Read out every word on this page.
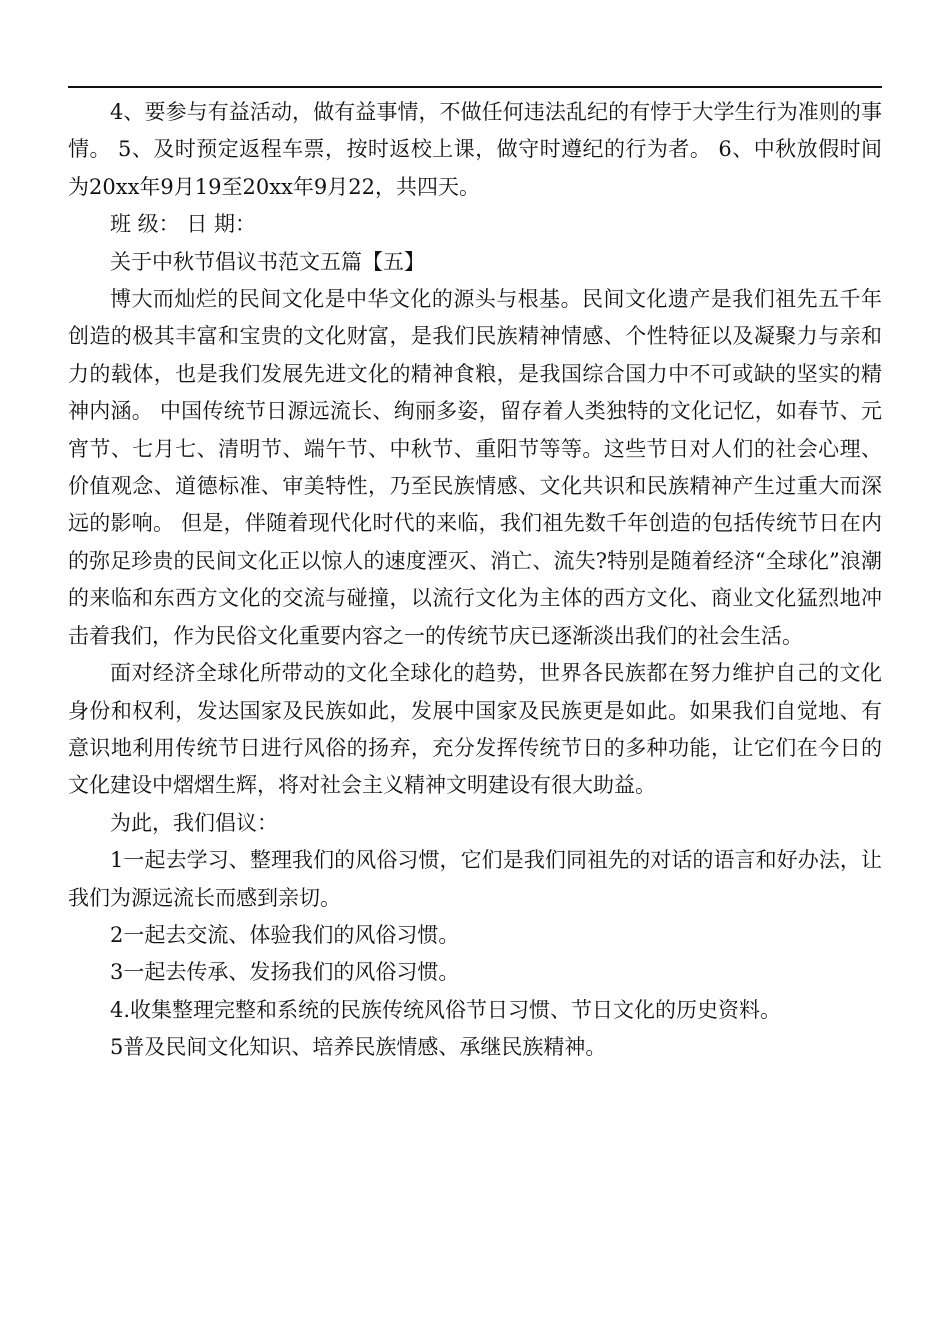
4、要参与有益活动，做有益事情，不做任何违法乱纪的有悖于大学生行为准则的事情。 5、及时预定返程车票，按时返校上课，做守时遵纪的行为者。 6、中秋放假时间为20xx年9月19至20xx年9月22，共四天。

班 级： 日 期：

关于中秋节倡议书范文五篇【五】

博大而灿烂的民间文化是中华文化的源头与根基。民间文化遗产是我们祖先五千年创造的极其丰富和宝贵的文化财富，是我们民族精神情感、个性特征以及凝聚力与亲和力的载体，也是我们发展先进文化的精神食粮，是我国综合国力中不可或缺的坚实的精神内涵。 中国传统节日源远流长、绚丽多姿，留存着人类独特的文化记忆，如春节、元宵节、七月七、清明节、端午节、中秋节、重阳节等等。这些节日对人们的社会心理、价值观念、道德标准、审美特性，乃至民族情感、文化共识和民族精神产生过重大而深远的影响。 但是，伴随着现代化时代的来临，我们祖先数千年创造的包括传统节日在内的弥足珍贵的民间文化正以惊人的速度湮灭、消亡、流失?特别是随着经济“全球化”浪潮的来临和东西方文化的交流与碰撞，以流行文化为主体的西方文化、商业文化猛烈地冲击着我们，作为民俗文化重要内容之一的传统节庆已逐渐淡出我们的社会生活。

面对经济全球化所带动的文化全球化的趋势，世界各民族都在努力维护自己的文化身份和权利，发达国家及民族如此，发展中国家及民族更是如此。如果我们自觉地、有意识地利用传统节日进行风俗的扬弃，充分发挥传统节日的多种功能，让它们在今日的文化建设中熠熠生辉，将对社会主义精神文明建设有很大助益。

为此，我们倡议：

1一起去学习、整理我们的风俗习惯，它们是我们同祖先的对话的语言和好办法，让我们为源远流长而感到亲切。

2一起去交流、体验我们的风俗习惯。

3一起去传承、发扬我们的风俗习惯。

4.收集整理完整和系统的民族传统风俗节日习惯、节日文化的历史资料。

5普及民间文化知识、培养民族情感、承继民族精神。
